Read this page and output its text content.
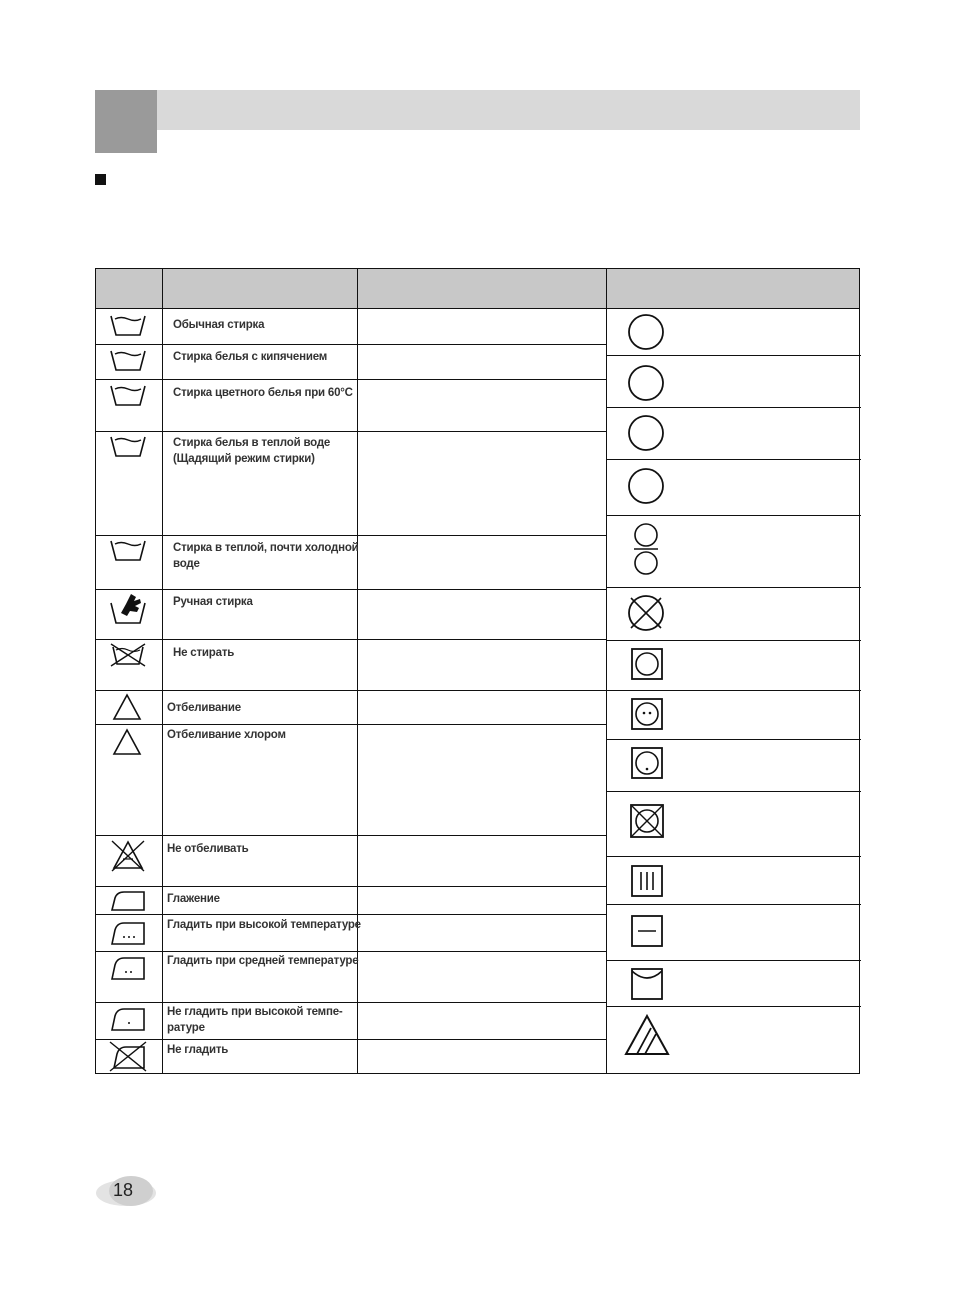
Обычная стирка
Стирка белья с кипячением
Стирка цветного белья при 60°С
Стирка белья в теплой воде
(Щадящий режим стирки)
Стирка в теплой, почти холодной
воде
Ручная стирка
Не стирать
Отбеливание
Отбеливание хлором
Не отбеливать
Глажение
Гладить при высокой температуре
Гладить при средней температуре
Не гладить при высокой темпе-
ратуре
Не гладить
18
